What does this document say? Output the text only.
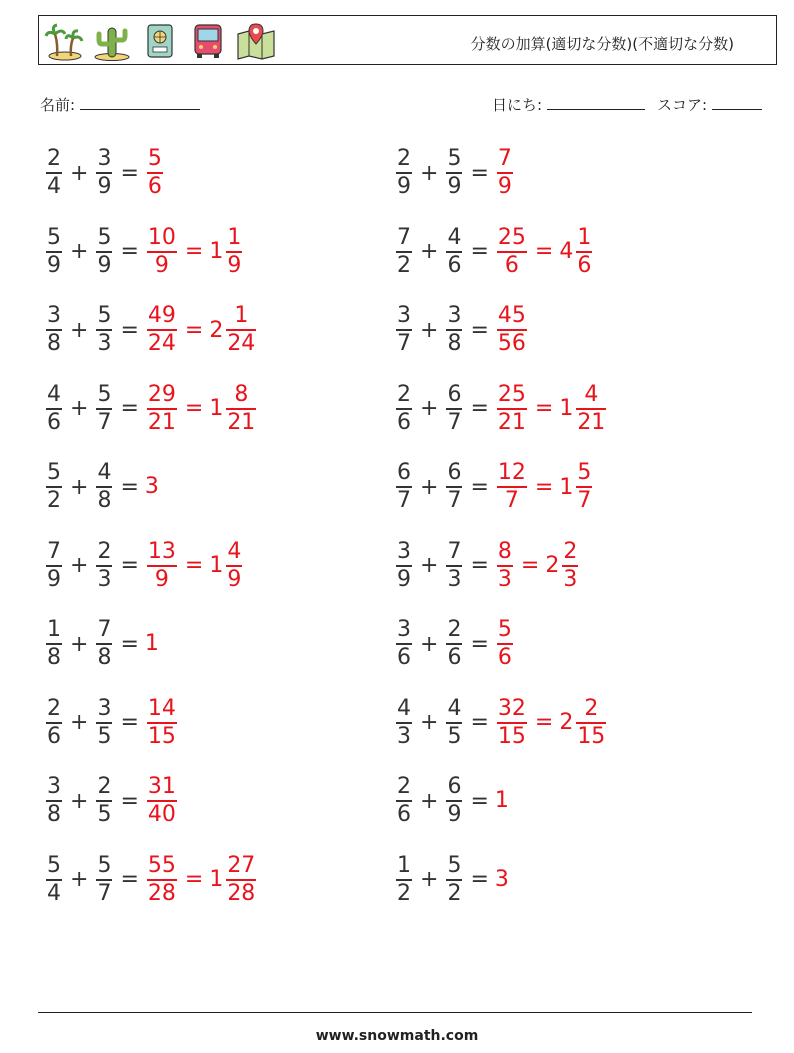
分数の加算(適切な分数)(不適切な分数)
名前:	日にち:	スコア:
$\frac{2}{4} + \frac{3}{9} = \frac{5}{6}$	$\frac{2}{9} + \frac{5}{9} = \frac{7}{9}$
$\frac{5}{9} + \frac{5}{9} = \frac{10}{9} = 1 \frac{1}{9}$	$\frac{7}{2} + \frac{4}{6} = \frac{25}{6} = 4 \frac{1}{6}$
$\frac{3}{8} + \frac{5}{3} = \frac{49}{24} = 2 \frac{1}{24}$	$\frac{3}{7} + \frac{3}{8} = \frac{45}{56}$
$\frac{4}{6} + \frac{5}{7} = \frac{29}{21} = 1 \frac{8}{21}$	$\frac{2}{6} + \frac{6}{7} = \frac{25}{21} = 1 \frac{4}{21}$
$\frac{5}{2} + \frac{4}{8} = 3$	$\frac{6}{7} + \frac{6}{7} = \frac{12}{7} = 1 \frac{5}{7}$
$\frac{7}{9} + \frac{2}{3} = \frac{13}{9} = 1 \frac{4}{9}$	$\frac{3}{9} + \frac{7}{3} = \frac{8}{3} = 2 \frac{2}{3}$
$\frac{1}{8} + \frac{7}{8} = 1$	$\frac{3}{6} + \frac{2}{6} = \frac{5}{6}$
$\frac{2}{6} + \frac{3}{5} = \frac{14}{15}$	$\frac{4}{3} + \frac{4}{5} = \frac{32}{15} = 2 \frac{2}{15}$
$\frac{3}{8} + \frac{2}{5} = \frac{31}{40}$	$\frac{2}{6} + \frac{6}{9} = 1$
$\frac{5}{4} + \frac{5}{7} = \frac{55}{28} = 1 \frac{27}{28}$	$\frac{1}{2} + \frac{5}{2} = 3$
www.snowmath.com
